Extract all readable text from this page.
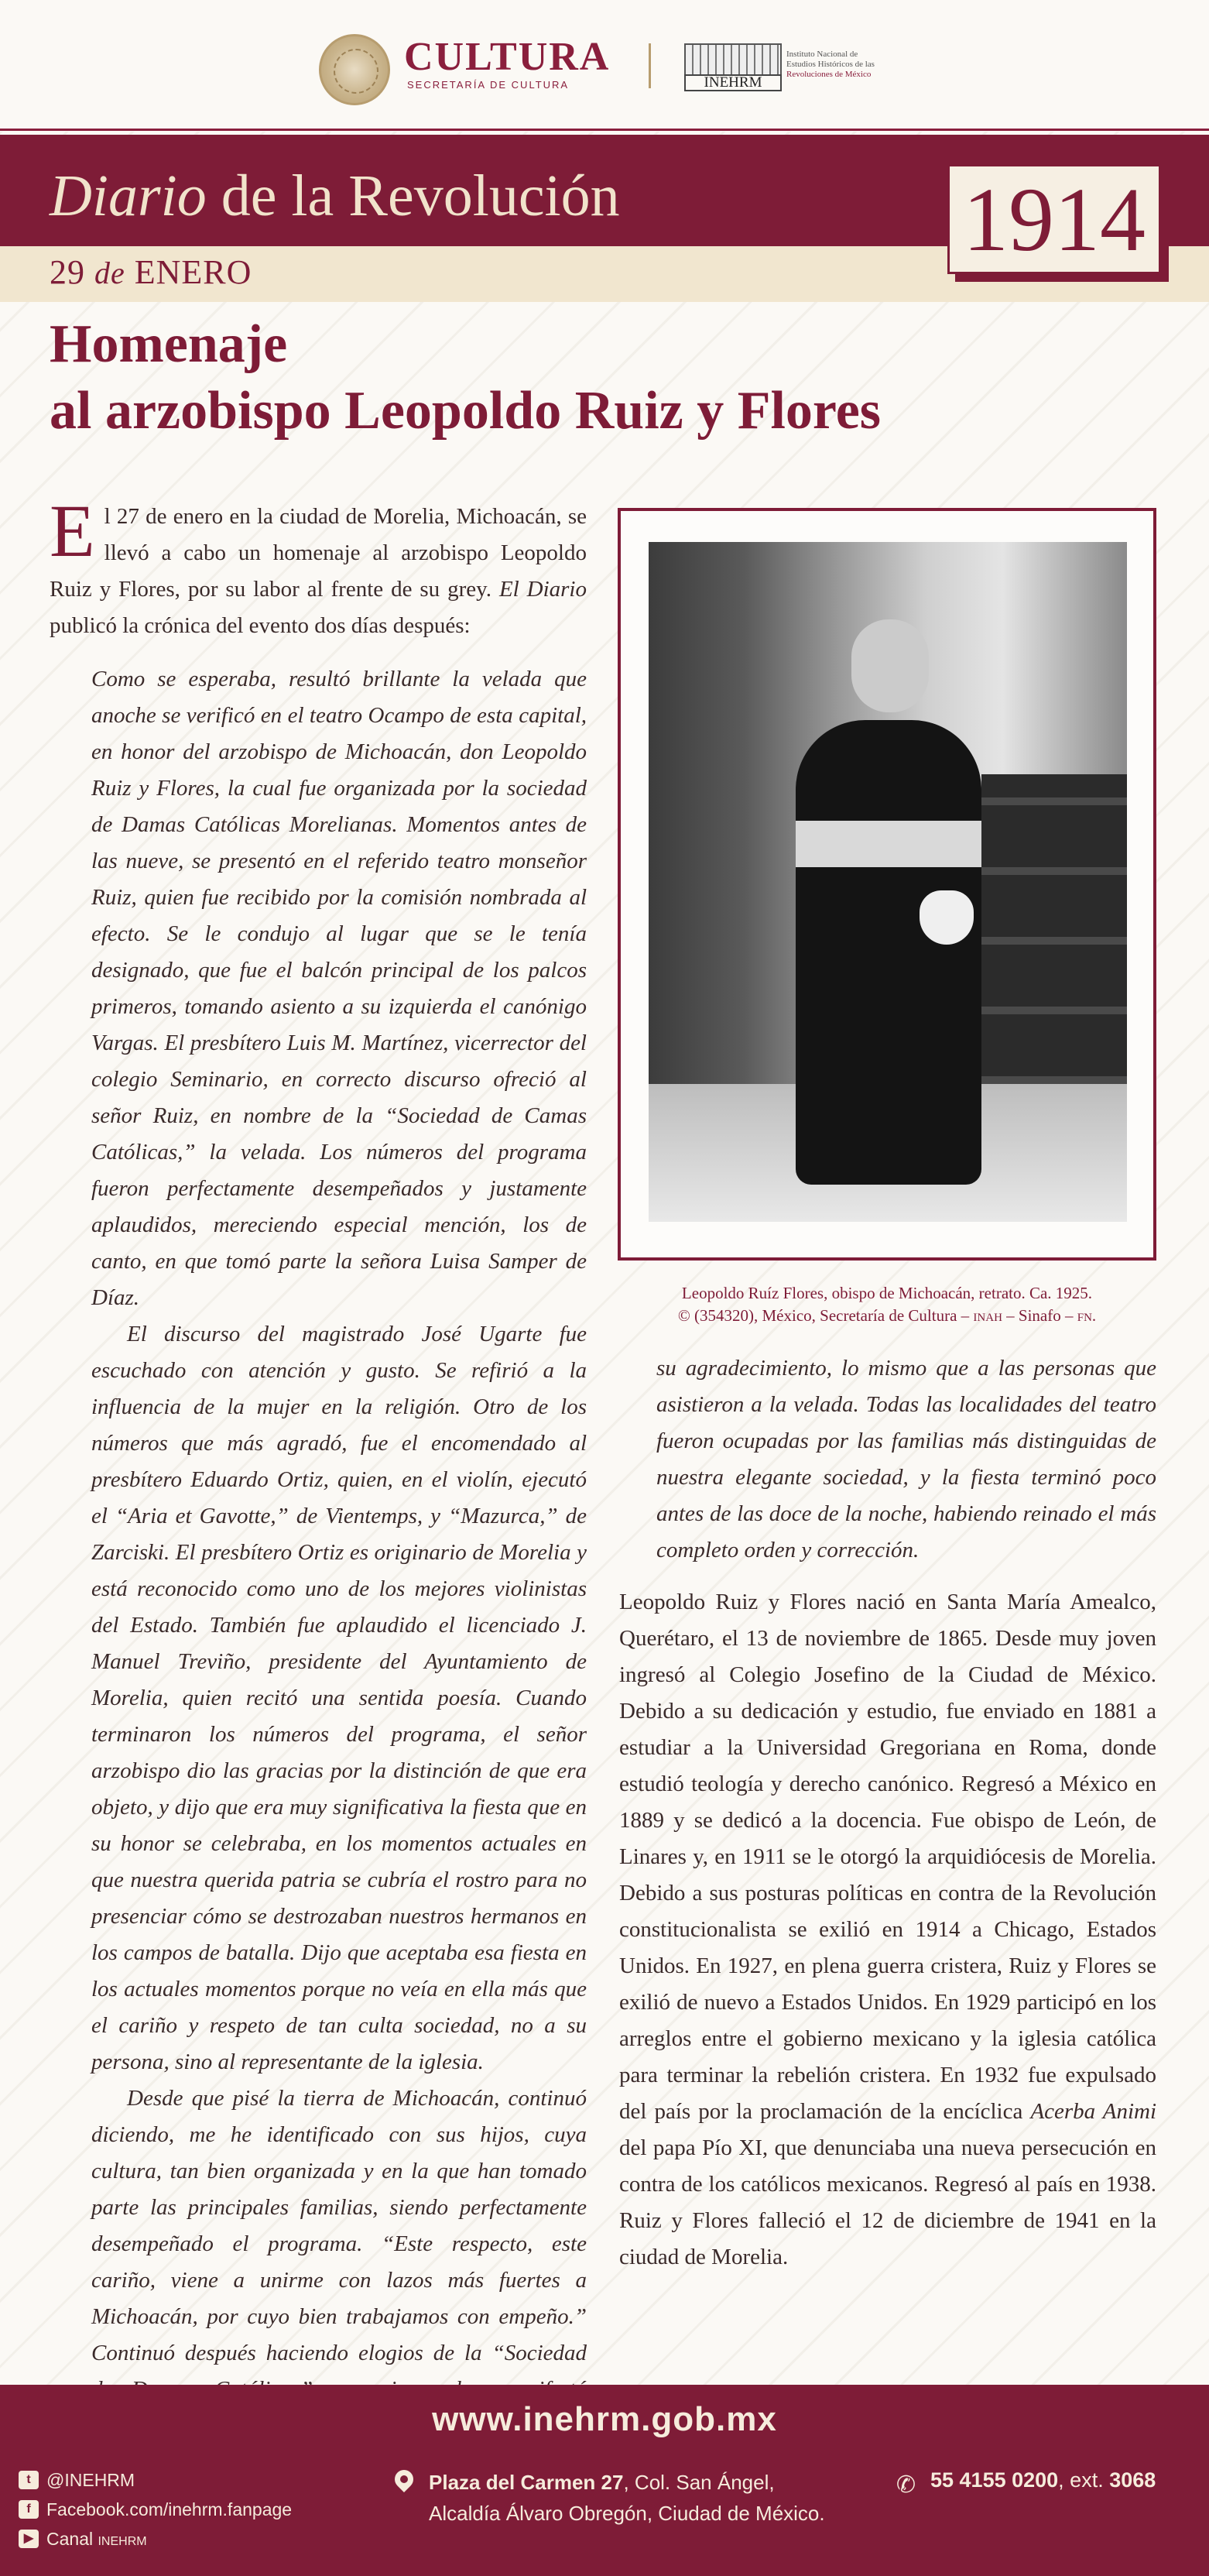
CULTURA
SECRETARÍA DE CULTURA	INEHRM
Instituto Nacional de
Estudios Históricos de las
Revoluciones de México
Diario de la Revolución
29 de ENERO
1914
Homenaje
al arzobispo Leopoldo Ruiz y Flores
El 27 de enero en la ciudad de Morelia, Michoacán, se llevó a cabo un homenaje al arzobispo Leopoldo Ruiz y Flores, por su labor al frente de su grey. El Diario publicó la crónica del evento dos días después:

Como se esperaba, resultó brillante la velada que anoche se verificó en el teatro Ocampo de esta capital, en honor del arzobispo de Michoacán, don Leopoldo Ruiz y Flores, la cual fue organizada por la sociedad de Damas Católicas Morelianas. Momentos antes de las nueve, se presentó en el referido teatro monseñor Ruiz, quien fue recibido por la comisión nombrada al efecto. Se le condujo al lugar que se le tenía designado, que fue el balcón principal de los palcos primeros, tomando asiento a su izquierda el canónigo Vargas. El presbítero Luis M. Martínez, vicerrector del colegio Seminario, en correcto discurso ofreció al señor Ruiz, en nombre de la “Sociedad de Camas Católicas,” la velada. Los números del programa fueron perfectamente desempeñados y justamente aplaudidos, mereciendo especial mención, los de canto, en que tomó parte la señora Luisa Samper de Díaz.

El discurso del magistrado José Ugarte fue escuchado con atención y gusto. Se refirió a la influencia de la mujer en la religión. Otro de los números que más agradó, fue el encomendado al presbítero Eduardo Ortiz, quien, en el violín, ejecutó el “Aria et Gavotte,” de Vientemps, y “Mazurca,” de Zarciski. El presbítero Ortiz es originario de Morelia y está reconocido como uno de los mejores violinistas del Estado. También fue aplaudido el licenciado J. Manuel Treviño, presidente del Ayuntamiento de Morelia, quien recitó una sentida poesía. Cuando terminaron los números del programa, el señor arzobispo dio las gracias por la distinción de que era objeto, y dijo que era muy significativa la fiesta que en su honor se celebraba, en los momentos actuales en que nuestra querida patria se cubría el rostro para no presenciar cómo se destrozaban nuestros hermanos en los campos de batalla. Dijo que aceptaba esa fiesta en los actuales momentos porque no veía en ella más que el cariño y respeto de tan culta sociedad, no a su persona, sino al representante de la iglesia.

Desde que pisé la tierra de Michoacán, continuó diciendo, me he identificado con sus hijos, cuya cultura, tan bien organizada y en la que han tomado parte las principales familias, siendo perfectamente desempeñado el programa. “Este respecto, este cariño, viene a unirme con lazos más fuertes a Michoacán, por cuyo bien trabajamos con empeño.” Continuó después haciendo elogios de la “Sociedad

Leopoldo Ruíz Flores, obispo de Michoacán, retrato. Ca. 1925.
© (354320), México, Secretaría de Cultura – inah – Sinafo – fn.
su agradecimiento, lo mismo que a las personas que asistieron a la velada. Todas las localidades del teatro fueron ocupadas por las familias más distinguidas de nuestra elegante sociedad, y la fiesta terminó poco antes de las doce de la noche, habiendo reinado el más completo orden y corrección.
Leopoldo Ruiz y Flores nació en Santa María Amealco, Querétaro, el 13 de noviembre de 1865. Desde muy joven ingresó al Colegio Josefino de la Ciudad de México. Debido a su dedicación y estudio, fue enviado en 1881 a estudiar a la Universidad Gregoriana en Roma, donde estudió teología y derecho canónico. Regresó a México en 1889 y se dedicó a la docencia. Fue obispo de León, de Linares y, en 1911 se le otorgó la arquidiócesis de Morelia. Debido a sus posturas políticas en contra de la Revolución constitucionalista se exilió en 1914 a Chicago, Estados Unidos. En 1927, en plena guerra cristera, Ruiz y Flores se exilió de nuevo a Estados Unidos. En 1929 participó en los arreglos entre el gobierno mexicano y la iglesia católica para terminar la rebelión cristera. En 1932 fue expulsado del país por la proclamación de la encíclica Acerba Animi del papa Pío XI, que denunciaba una nueva persecución en contra de los católicos mexicanos. Regresó al país en 1938. Ruiz y Flores falleció el 12 de diciembre de 1941 en la ciudad de Morelia.
www.inehrm.gob.mx
t @INEHRM
f Facebook.com/inehrm.fanpage
▶ Canal inehrm
Plaza del Carmen 27, Col. San Ángel,
Alcaldía Álvaro Obregón, Ciudad de México.
✆ 55 4155 0200, ext. 3068
